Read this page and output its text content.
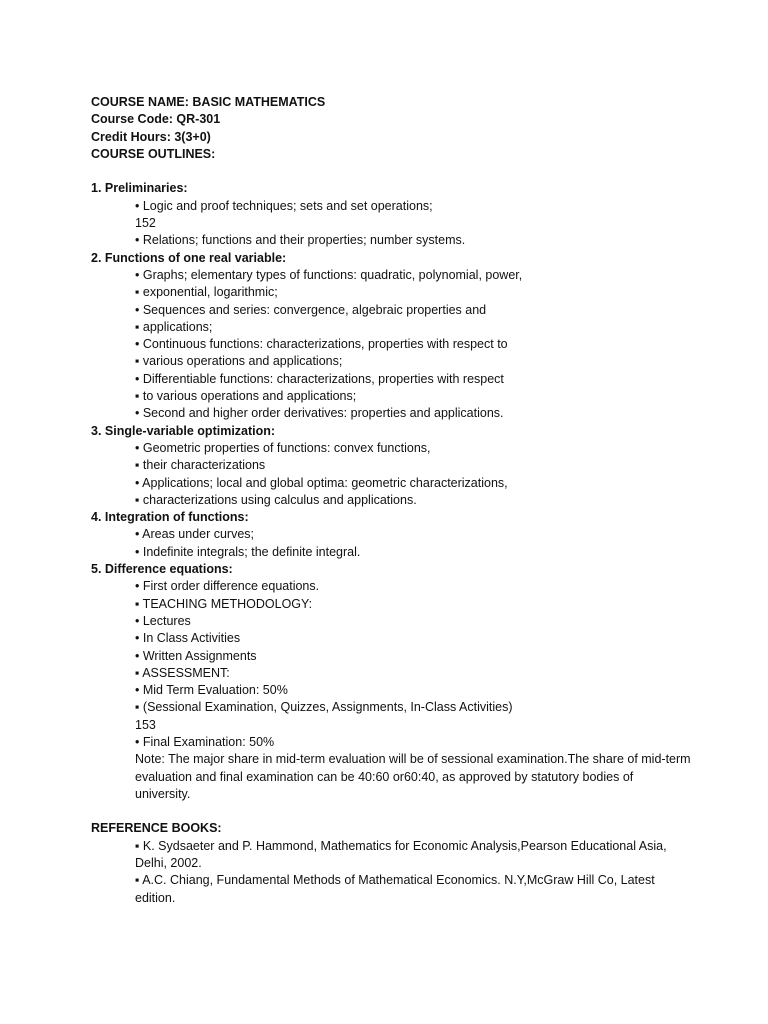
COURSE NAME: BASIC MATHEMATICS
Course Code: QR-301
Credit Hours: 3(3+0)
COURSE OUTLINES:
1. Preliminaries:
• Logic and proof techniques; sets and set operations;
152
• Relations; functions and their properties; number systems.
2. Functions of one real variable:
• Graphs; elementary types of functions: quadratic, polynomial, power,
▪ exponential, logarithmic;
• Sequences and series: convergence, algebraic properties and
▪ applications;
• Continuous functions: characterizations, properties with respect to
▪ various operations and applications;
• Differentiable functions: characterizations, properties with respect
▪ to various operations and applications;
• Second and higher order derivatives: properties and applications.
3. Single-variable optimization:
• Geometric properties of functions: convex functions,
▪ their characterizations
• Applications; local and global optima: geometric characterizations,
▪ characterizations using calculus and applications.
4. Integration of functions:
• Areas under curves;
• Indefinite integrals; the definite integral.
5. Difference equations:
• First order difference equations.
▪ TEACHING METHODOLOGY:
• Lectures
• In Class Activities
• Written Assignments
▪ ASSESSMENT:
• Mid Term Evaluation: 50%
▪ (Sessional Examination, Quizzes, Assignments, In-Class Activities)
153
• Final Examination: 50%
Note: The major share in mid-term evaluation will be of sessional examination.The share of mid-term evaluation and final examination can be 40:60 or60:40, as approved by statutory bodies of university.
REFERENCE BOOKS:
▪ K. Sydsaeter and P. Hammond, Mathematics for Economic Analysis,Pearson Educational Asia, Delhi, 2002.
▪ A.C. Chiang, Fundamental Methods of Mathematical Economics. N.Y,McGraw Hill Co, Latest edition.
